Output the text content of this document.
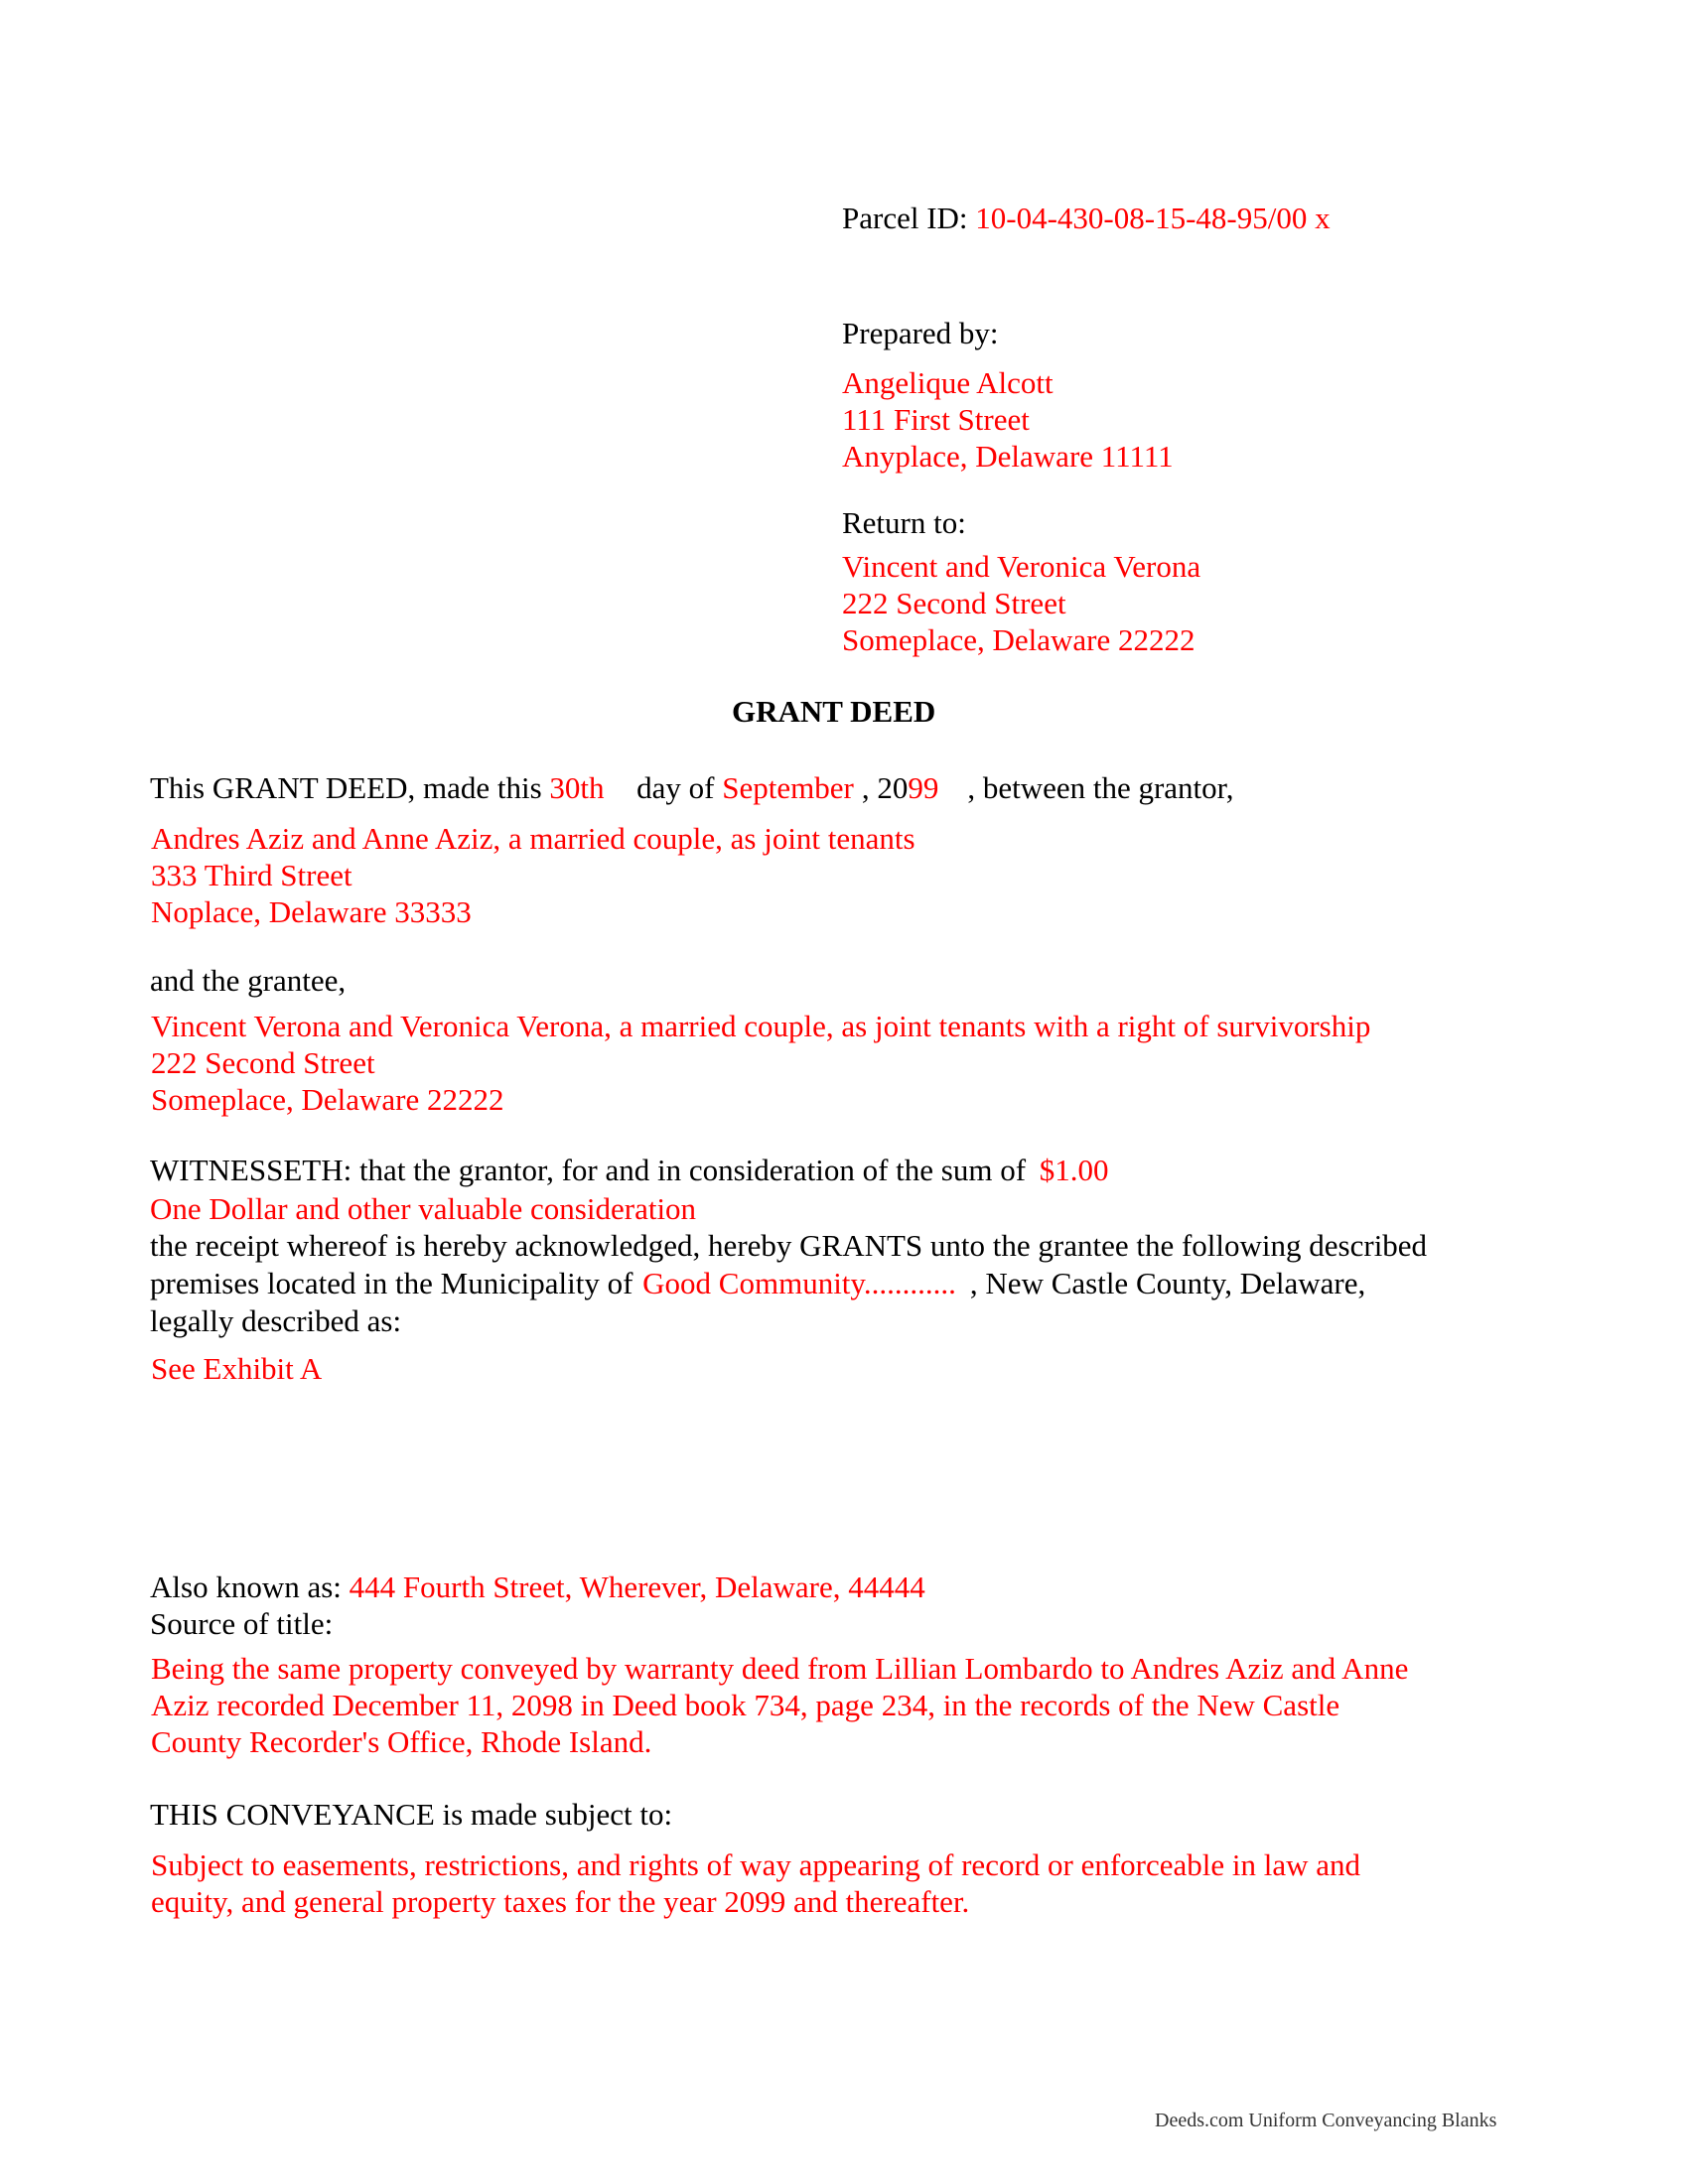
Parcel ID: 10-04-430-08-15-48-95/00 x
Prepared by:
Angelique Alcott
111 First Street
Anyplace, Delaware 11111
Return to:
Vincent and Veronica Verona
222 Second Street
Someplace, Delaware 22222
GRANT DEED
This GRANT DEED, made this 30th day of September , 2099 , between the grantor,
Andres Aziz and Anne Aziz, a married couple, as joint tenants
333 Third Street
Noplace, Delaware 33333
and the grantee,
Vincent Verona and Veronica Verona, a married couple, as joint tenants with a right of survivorship
222 Second Street
Someplace, Delaware 22222
WITNESSETH: that the grantor, for and in consideration of the sum of $1.00
One Dollar and other valuable consideration
the receipt whereof is hereby acknowledged, hereby GRANTS unto the grantee the following described
premises located in the Municipality of Good Community............ , New Castle County, Delaware,
legally described as:
See Exhibit A
Also known as: 444 Fourth Street, Wherever, Delaware, 44444
Source of title:
Being the same property conveyed by warranty deed from Lillian Lombardo to Andres Aziz and Anne
Aziz recorded December 11, 2098 in Deed book 734, page 234, in the records of the New Castle
County Recorder's Office, Rhode Island.
THIS CONVEYANCE is made subject to:
Subject to easements, restrictions, and rights of way appearing of record or enforceable in law and
equity, and general property taxes for the year 2099 and thereafter.
Deeds.com Uniform Conveyancing Blanks
